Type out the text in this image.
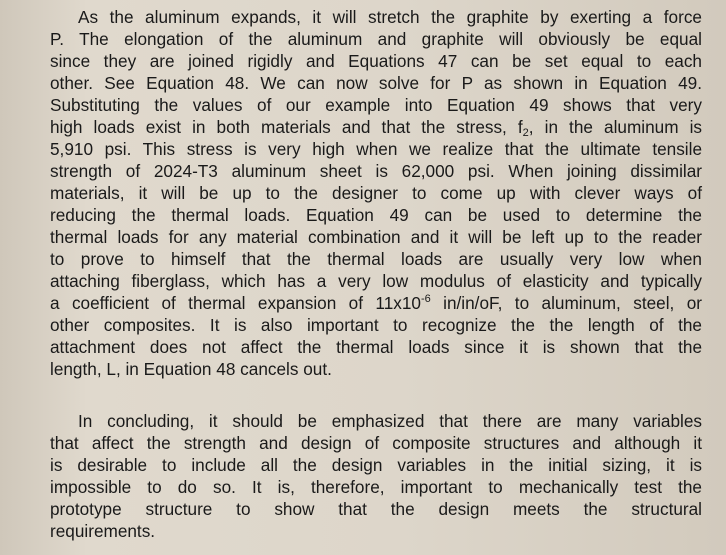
As the aluminum expands, it will stretch the graphite by exerting a force
P. The elongation of the aluminum and graphite will obviously be equal
since they are joined rigidly and Equations 47 can be set equal to each
other. See Equation 48. We can now solve for P as shown in Equation 49.
Substituting the values of our example into Equation 49 shows that very
high loads exist in both materials and that the stress, $f_2$, in the aluminum is
5,910 psi. This stress is very high when we realize that the ultimate tensile
strength of 2024-T3 aluminum sheet is 62,000 psi. When joining dissimilar
materials, it will be up to the designer to come up with clever ways of
reducing the thermal loads. Equation 49 can be used to determine the
thermal loads for any material combination and it will be left up to the reader
to prove to himself that the thermal loads are usually very low when
attaching fiberglass, which has a very low modulus of elasticity and typically
a coefficient of thermal expansion of $11x10^{-6}$ in/in/oF, to aluminum, steel, or
other composites. It is also important to recognize the the length of the
attachment does not affect the thermal loads since it is shown that the
length, L, in Equation 48 cancels out.
In concluding, it should be emphasized that there are many variables
that affect the strength and design of composite structures and although it
is desirable to include all the design variables in the initial sizing, it is
impossible to do so. It is, therefore, important to mechanically test the
prototype structure to show that the design meets the structural
requirements.
